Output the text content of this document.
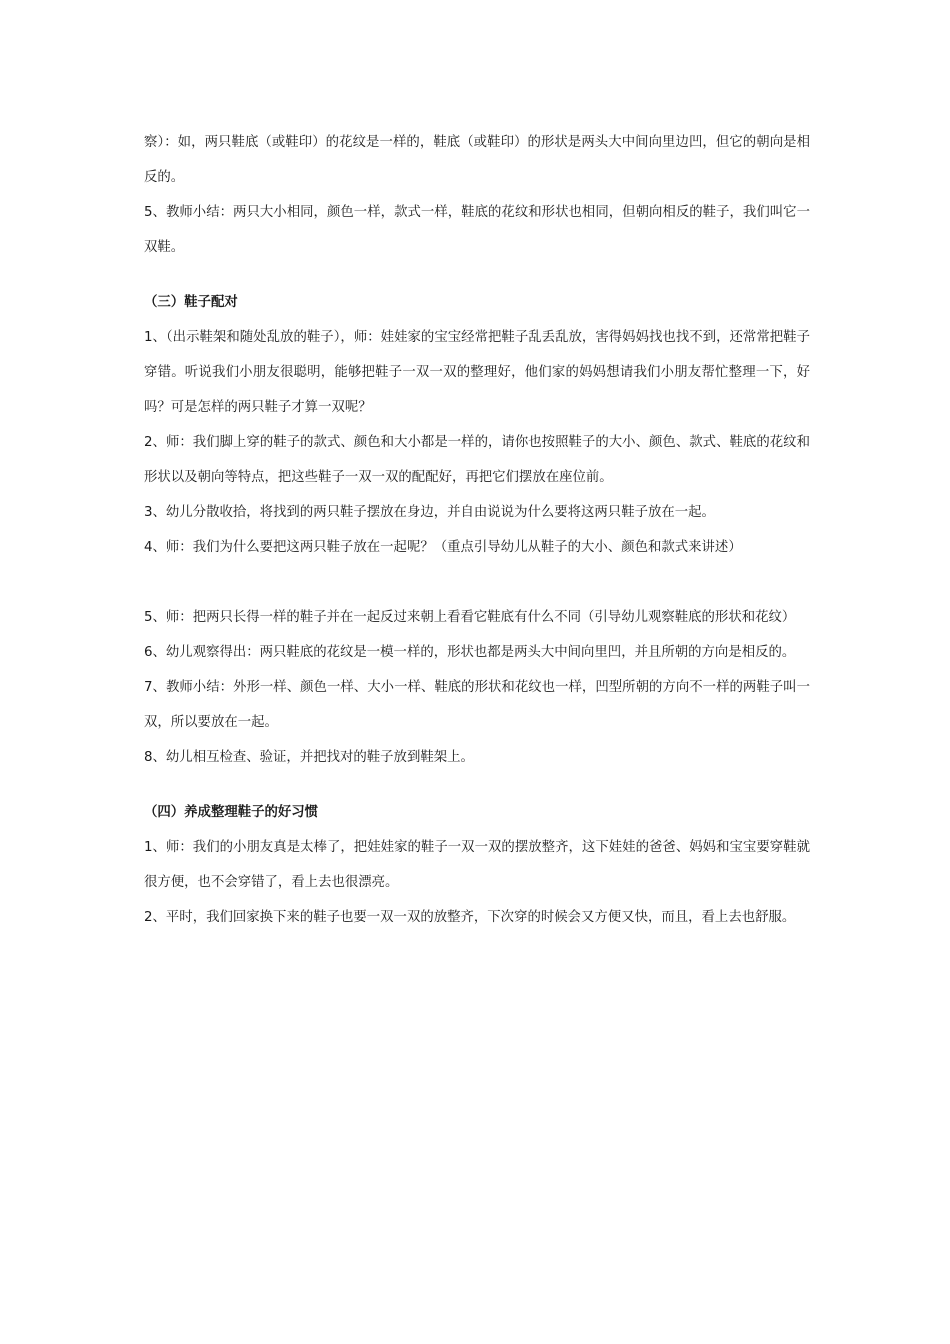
察）：如，两只鞋底（或鞋印）的花纹是一样的，鞋底（或鞋印）的形状是两头大中间向里边凹，但它的朝向是相反的。

5、教师小结：两只大小相同，颜色一样，款式一样，鞋底的花纹和形状也相同，但朝向相反的鞋子，我们叫它一双鞋。

（三）鞋子配对

1、（出示鞋架和随处乱放的鞋子），师：娃娃家的宝宝经常把鞋子乱丢乱放，害得妈妈找也找不到，还常常把鞋子穿错。听说我们小朋友很聪明，能够把鞋子一双一双的整理好，他们家的妈妈想请我们小朋友帮忙整理一下，好吗？可是怎样的两只鞋子才算一双呢？

2、师：我们脚上穿的鞋子的款式、颜色和大小都是一样的，请你也按照鞋子的大小、颜色、款式、鞋底的花纹和形状以及朝向等特点，把这些鞋子一双一双的配配好，再把它们摆放在座位前。

3、幼儿分散收拾，将找到的两只鞋子摆放在身边，并自由说说为什么要将这两只鞋子放在一起。

4、师：我们为什么要把这两只鞋子放在一起呢？（重点引导幼儿从鞋子的大小、颜色和款式来讲述）

5、师：把两只长得一样的鞋子并在一起反过来朝上看看它鞋底有什么不同（引导幼儿观察鞋底的形状和花纹）

6、幼儿观察得出：两只鞋底的花纹是一模一样的，形状也都是两头大中间向里凹，并且所朝的方向是相反的。

7、教师小结：外形一样、颜色一样、大小一样、鞋底的形状和花纹也一样，凹型所朝的方向不一样的两鞋子叫一双，所以要放在一起。

8、幼儿相互检查、验证，并把找对的鞋子放到鞋架上。

（四）养成整理鞋子的好习惯

1、师：我们的小朋友真是太棒了，把娃娃家的鞋子一双一双的摆放整齐，这下娃娃的爸爸、妈妈和宝宝要穿鞋就很方便，也不会穿错了，看上去也很漂亮。

2、平时，我们回家换下来的鞋子也要一双一双的放整齐，下次穿的时候会又方便又快，而且，看上去也舒服。
